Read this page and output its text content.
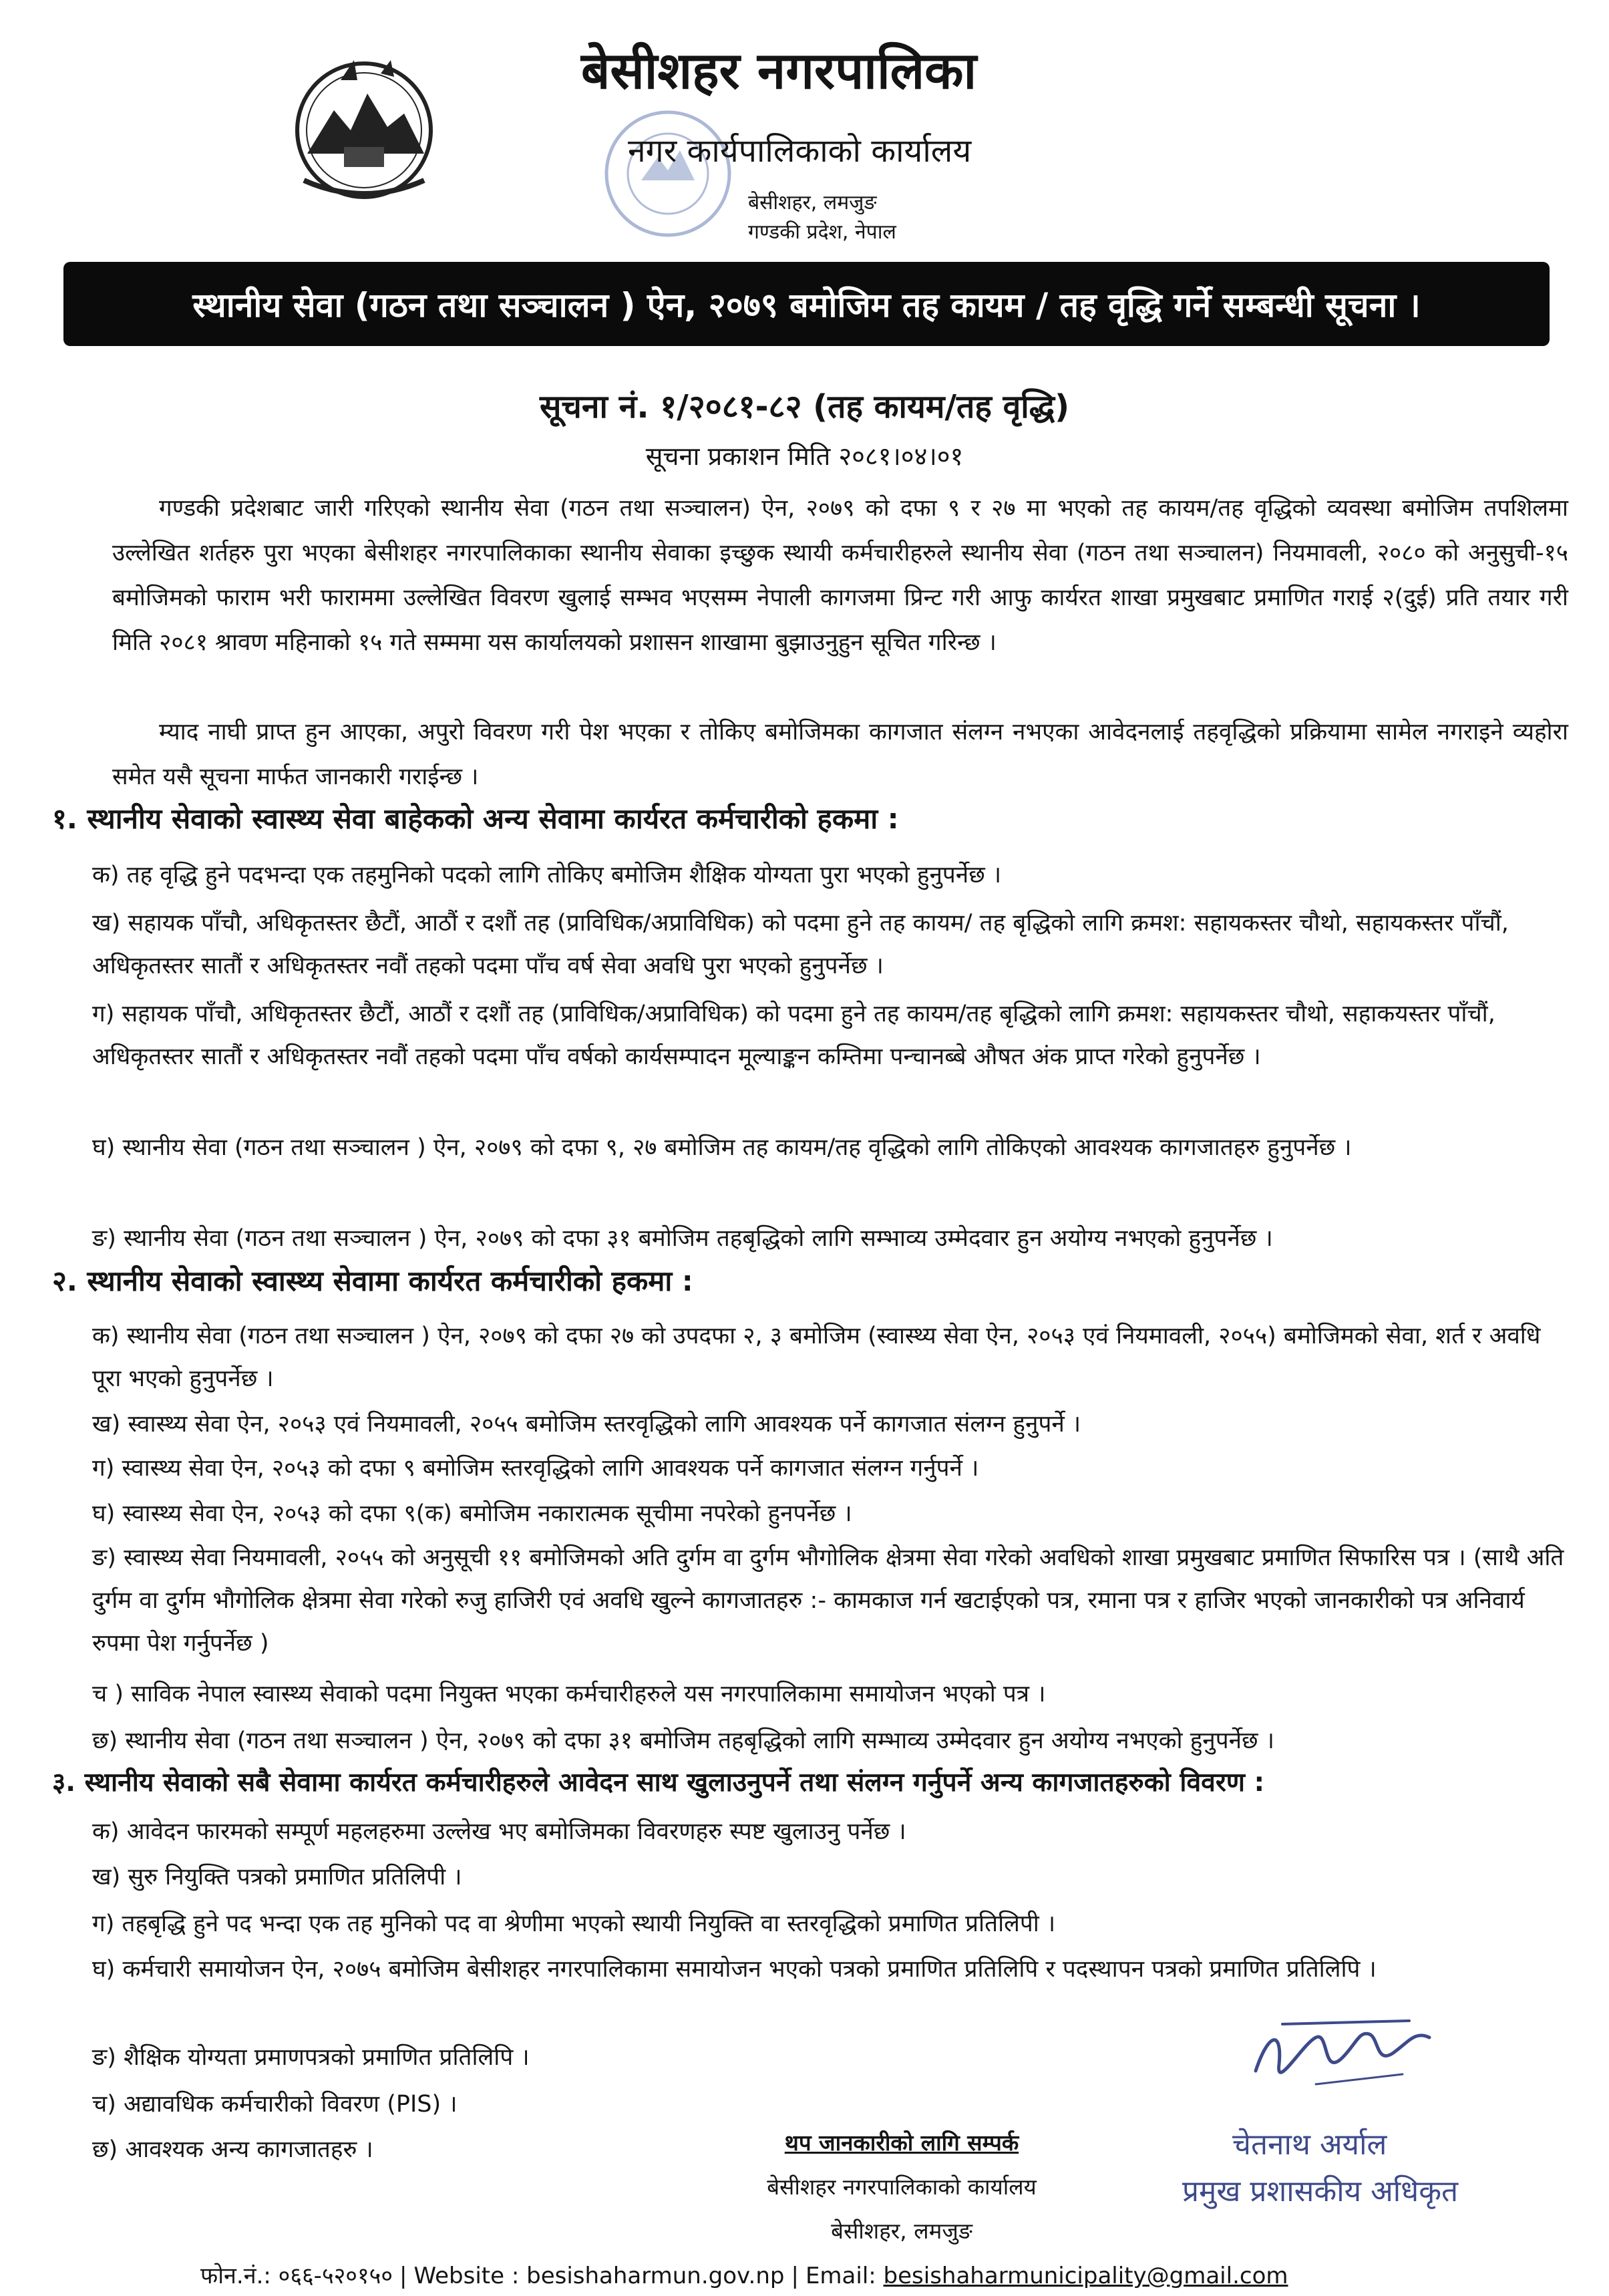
बेसीशहर नगरपालिका
नगर कार्यपालिकाको कार्यालय
बेसीशहर, लमजुङ
गण्डकी प्रदेश, नेपाल
स्थानीय सेवा (गठन तथा सञ्चालन ) ऐन, २०७९ बमोजिम तह कायम / तह वृद्धि गर्ने सम्बन्धी सूचना ।
सूचना नं. १/२०८१-८२ (तह कायम/तह वृद्धि)
सूचना प्रकाशन मिति २०८१।०४।०१
गण्डकी प्रदेशबाट जारी गरिएको स्थानीय सेवा (गठन तथा सञ्चालन) ऐन, २०७९ को दफा ९ र २७ मा भएको तह कायम/तह वृद्धिको व्यवस्था बमोजिम तपशिलमा उल्लेखित शर्तहरु पुरा भएका बेसीशहर नगरपालिकाका स्थानीय सेवाका इच्छुक स्थायी कर्मचारीहरुले स्थानीय सेवा (गठन तथा सञ्चालन) नियमावली, २०८० को अनुसुची-१५ बमोजिमको फाराम भरी फाराममा उल्लेखित विवरण खुलाई सम्भव भएसम्म नेपाली कागजमा प्रिन्ट गरी आफु कार्यरत शाखा प्रमुखबाट प्रमाणित गराई २(दुई) प्रति तयार गरी मिति २०८१ श्रावण महिनाको १५ गते सम्ममा यस कार्यालयको प्रशासन शाखामा बुझाउनुहुन सूचित गरिन्छ ।
म्याद नाघी प्राप्त हुन आएका, अपुरो विवरण गरी पेश भएका र तोकिए बमोजिमका कागजात संलग्न नभएका आवेदनलाई तहवृद्धिको प्रक्रियामा सामेल नगराइने व्यहोरा समेत यसै सूचना मार्फत जानकारी गराईन्छ ।
१. स्थानीय सेवाको स्वास्थ्य सेवा बाहेकको अन्य सेवामा कार्यरत कर्मचारीको हकमा :
क) तह वृद्धि हुने पदभन्दा एक तहमुनिको पदको लागि तोकिए बमोजिम शैक्षिक योग्यता पुरा भएको हुनुपर्नेछ ।
ख) सहायक पाँचौ, अधिकृतस्तर छैटौं, आठौं र दशौं तह (प्राविधिक/अप्राविधिक) को पदमा हुने तह कायम/ तह बृद्धिको लागि क्रमश: सहायकस्तर चौथो, सहायकस्तर पाँचौं, अधिकृतस्तर सातौं र अधिकृतस्तर नवौं तहको पदमा पाँच वर्ष सेवा अवधि पुरा भएको हुनुपर्नेछ ।
ग) सहायक पाँचौ, अधिकृतस्तर छैटौं, आठौं र दशौं तह (प्राविधिक/अप्राविधिक) को पदमा हुने तह कायम/तह बृद्धिको लागि क्रमश: सहायकस्तर चौथो, सहाकयस्तर पाँचौं, अधिकृतस्तर सातौं र अधिकृतस्तर नवौं तहको पदमा पाँच वर्षको कार्यसम्पादन मूल्याङ्कन कम्तिमा पन्चानब्बे औषत अंक प्राप्त गरेको हुनुपर्नेछ ।
घ) स्थानीय सेवा (गठन तथा सञ्चालन ) ऐन, २०७९ को दफा ९, २७ बमोजिम तह कायम/तह वृद्धिको लागि तोकिएको आवश्यक कागजातहरु हुनुपर्नेछ ।
ङ) स्थानीय सेवा (गठन तथा सञ्चालन ) ऐन, २०७९ को दफा ३१ बमोजिम तहबृद्धिको लागि सम्भाव्य उम्मेदवार हुन अयोग्य नभएको हुनुपर्नेछ ।
२. स्थानीय सेवाको स्वास्थ्य सेवामा कार्यरत कर्मचारीको हकमा :
क) स्थानीय सेवा (गठन तथा सञ्चालन ) ऐन, २०७९ को दफा २७ को उपदफा २, ३ बमोजिम (स्वास्थ्य सेवा ऐन, २०५३ एवं नियमावली, २०५५) बमोजिमको सेवा, शर्त र अवधि पूरा भएको हुनुपर्नेछ ।
ख) स्वास्थ्य सेवा ऐन, २०५३ एवं नियमावली, २०५५ बमोजिम स्तरवृद्धिको लागि आवश्यक पर्ने कागजात संलग्न हुनुपर्ने ।
ग) स्वास्थ्य सेवा ऐन, २०५३ को दफा ९ बमोजिम स्तरवृद्धिको लागि आवश्यक पर्ने कागजात संलग्न गर्नुपर्ने ।
घ) स्वास्थ्य सेवा ऐन, २०५३ को दफा ९(क) बमोजिम नकारात्मक सूचीमा नपरेको हुनपर्नेछ ।
ङ) स्वास्थ्य सेवा नियमावली, २०५५ को अनुसूची ११ बमोजिमको अति दुर्गम वा दुर्गम भौगोलिक क्षेत्रमा सेवा गरेको अवधिको शाखा प्रमुखबाट प्रमाणित सिफारिस पत्र । (साथै अति दुर्गम वा दुर्गम भौगोलिक क्षेत्रमा सेवा गरेको रुजु हाजिरी एवं अवधि खुल्ने कागजातहरु :- कामकाज गर्न खटाईएको पत्र, रमाना पत्र र हाजिर भएको जानकारीको पत्र अनिवार्य रुपमा पेश गर्नुपर्नेछ )
च ) साविक नेपाल स्वास्थ्य सेवाको पदमा नियुक्त भएका कर्मचारीहरुले यस नगरपालिकामा समायोजन भएको पत्र ।
छ) स्थानीय सेवा (गठन तथा सञ्चालन ) ऐन, २०७९ को दफा ३१ बमोजिम तहबृद्धिको लागि सम्भाव्य उम्मेदवार हुन अयोग्य नभएको हुनुपर्नेछ ।
३. स्थानीय सेवाको सबै सेवामा कार्यरत कर्मचारीहरुले आवेदन साथ खुलाउनुपर्ने तथा संलग्न गर्नुपर्ने अन्य कागजातहरुको विवरण :
क) आवेदन फारमको सम्पूर्ण महलहरुमा उल्लेख भए बमोजिमका विवरणहरु स्पष्ट खुलाउनु पर्नेछ ।
ख) सुरु नियुक्ति पत्रको प्रमाणित प्रतिलिपी ।
ग) तहबृद्धि हुने पद भन्दा एक तह मुनिको पद वा श्रेणीमा भएको स्थायी नियुक्ति वा स्तरवृद्धिको प्रमाणित प्रतिलिपी ।
घ) कर्मचारी समायोजन ऐन, २०७५ बमोजिम बेसीशहर नगरपालिकामा समायोजन भएको पत्रको प्रमाणित प्रतिलिपि र पदस्थापन पत्रको प्रमाणित प्रतिलिपि ।
ङ) शैक्षिक योग्यता प्रमाणपत्रको प्रमाणित प्रतिलिपि ।
च) अद्यावधिक कर्मचारीको विवरण (PIS) ।
छ) आवश्यक अन्य कागजातहरु ।	थप जानकारीको लागि सम्पर्क
बेसीशहर नगरपालिकाको कार्यालय
बेसीशहर, लमजुङ
चेतनाथ अर्याल
प्रमुख प्रशासकीय अधिकृत
फोन.नं.: ०६६-५२०१५० | Website : besishaharmun.gov.np | Email: besishaharmunicipality@gmail.com
